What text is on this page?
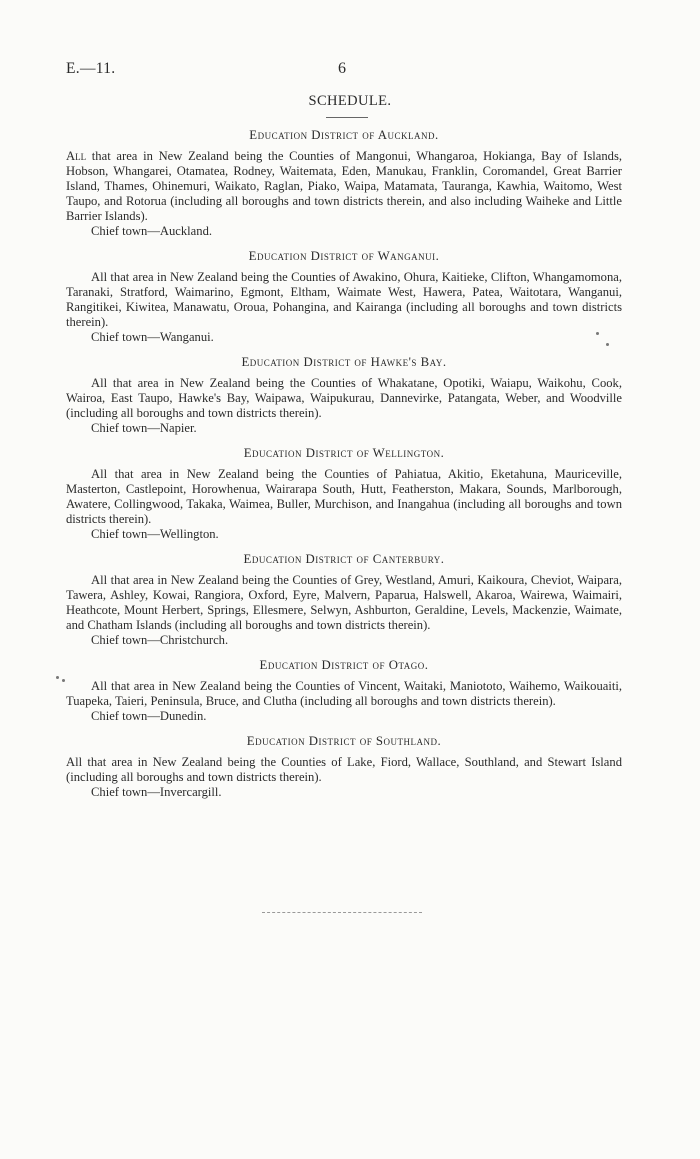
E.—11.	6
SCHEDULE.
Education District of Auckland.

All that area in New Zealand being the Counties of Mangonui, Whangaroa, Hokianga, Bay of Islands, Hobson, Whangarei, Otamatea, Rodney, Waitemata, Eden, Manukau, Franklin, Coromandel, Great Barrier Island, Thames, Ohinemuri, Waikato, Raglan, Piako, Waipa, Matamata, Tauranga, Kawhia, Waitomo, West Taupo, and Rotorua (including all boroughs and town districts therein, and also including Waiheke and Little Barrier Islands).

Chief town—Auckland.

Education District of Wanganui.

All that area in New Zealand being the Counties of Awakino, Ohura, Kaitieke, Clifton, Whangamomona, Taranaki, Stratford, Waimarino, Egmont, Eltham, Waimate West, Hawera, Patea, Waitotara, Wanganui, Rangitikei, Kiwitea, Manawatu, Oroua, Pohangina, and Kairanga (including all boroughs and town districts therein).

Chief town—Wanganui.

Education District of Hawke's Bay.

All that area in New Zealand being the Counties of Whakatane, Opotiki, Waiapu, Waikohu, Cook, Wairoa, East Taupo, Hawke's Bay, Waipawa, Waipukurau, Dannevirke, Patangata, Weber, and Woodville (including all boroughs and town districts therein).

Chief town—Napier.

Education District of Wellington.

All that area in New Zealand being the Counties of Pahiatua, Akitio, Eketahuna, Mauriceville, Masterton, Castlepoint, Horowhenua, Wairarapa South, Hutt, Featherston, Makara, Sounds, Marlborough, Awatere, Collingwood, Takaka, Waimea, Buller, Murchison, and Inangahua (including all boroughs and town districts therein).

Chief town—Wellington.

Education District of Canterbury.

All that area in New Zealand being the Counties of Grey, Westland, Amuri, Kaikoura, Cheviot, Waipara, Tawera, Ashley, Kowai, Rangiora, Oxford, Eyre, Malvern, Paparua, Halswell, Akaroa, Wairewa, Waimairi, Heathcote, Mount Herbert, Springs, Ellesmere, Selwyn, Ashburton, Geraldine, Levels, Mackenzie, Waimate, and Chatham Islands (including all boroughs and town districts therein).

Chief town—Christchurch.

Education District of Otago.

All that area in New Zealand being the Counties of Vincent, Waitaki, Maniototo, Waihemo, Waikouaiti, Tuapeka, Taieri, Peninsula, Bruce, and Clutha (including all boroughs and town districts therein).

Chief town—Dunedin.

Education District of Southland.

All that area in New Zealand being the Counties of Lake, Fiord, Wallace, Southland, and Stewart Island (including all boroughs and town districts therein).

Chief town—Invercargill.
